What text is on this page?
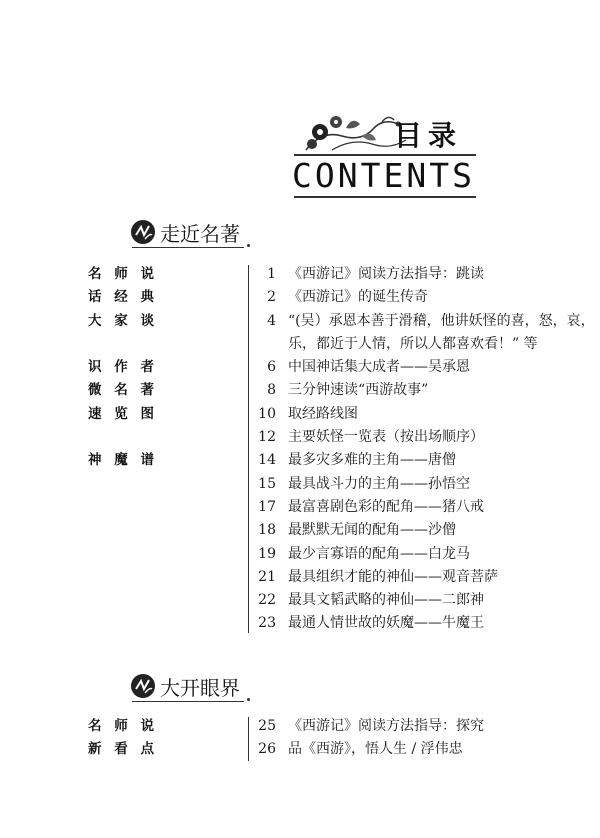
目录
CONTENTS
走近名著
名师说	1 《西游记》阅读方法指导：跳读
话经典	2 《西游记》的诞生传奇
大家谈	4 “(吴）承恩本善于滑稽，他讲妖怪的喜，怒，哀，
乐，都近于人情，所以人都喜欢看！” 等
识作者	6 中国神话集大成者——吴承恩
微名著	8 三分钟速读“西游故事”
速览图	10 取经路线图
12 主要妖怪一览表（按出场顺序）
神魔谱	14 最多灾多难的主角——唐僧
15 最具战斗力的主角——孙悟空
17 最富喜剧色彩的配角——猪八戒
18 最默默无闻的配角——沙僧
19 最少言寡语的配角——白龙马
21 最具组织才能的神仙——观音菩萨
22 最具文韬武略的神仙——二郎神
23 最通人情世故的妖魔——牛魔王
大开眼界
名师说	25 《西游记》阅读方法指导：探究
新看点	26 品《西游》，悟人生 / 浮伟忠
